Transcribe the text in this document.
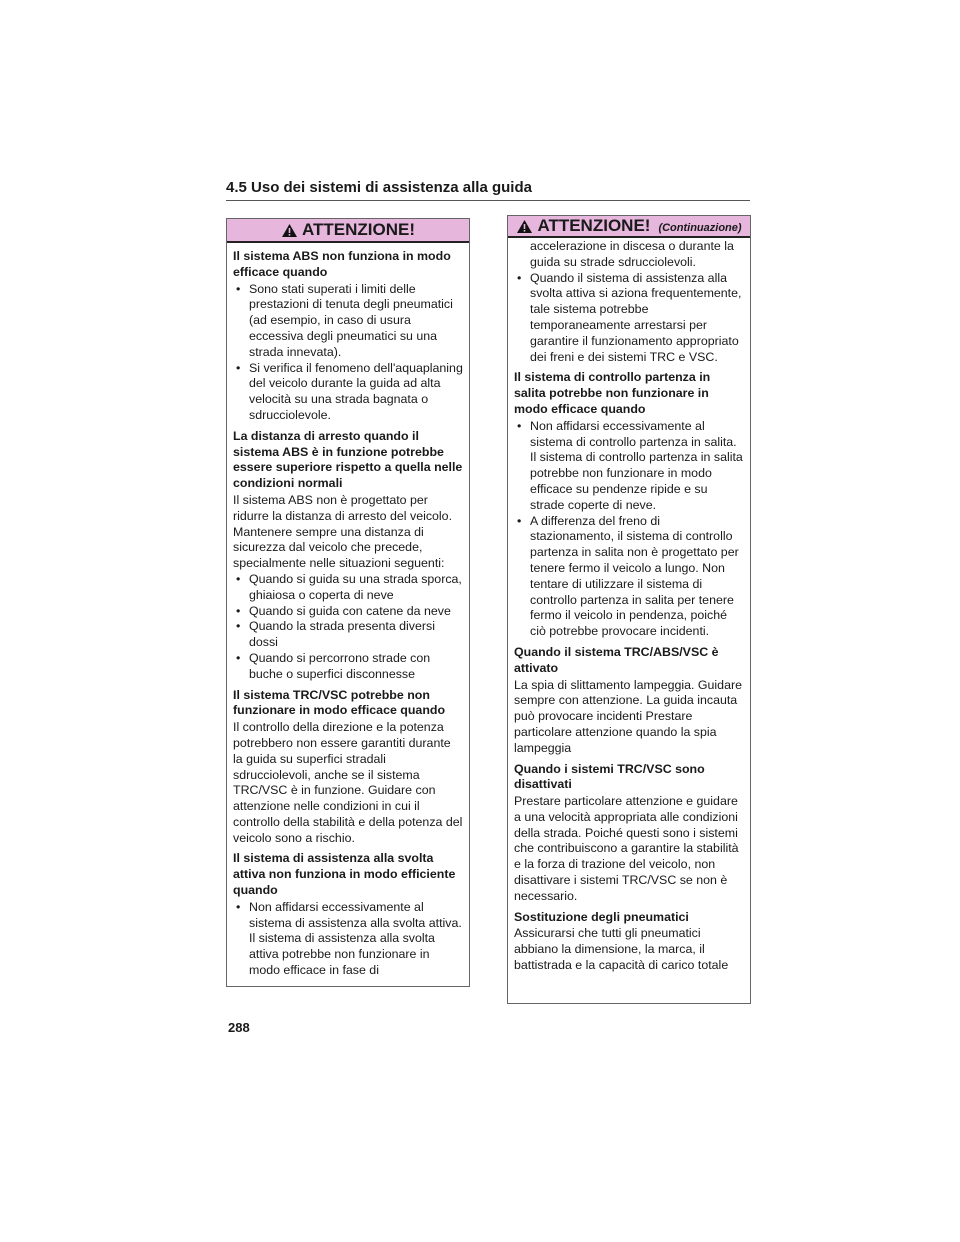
4.5 Uso dei sistemi di assistenza alla guida
ATTENZIONE!

Il sistema ABS non funziona in modo efficace quando

• Sono stati superati i limiti delle prestazioni di tenuta degli pneumatici (ad esempio, in caso di usura eccessiva degli pneumatici su una strada innevata).
• Si verifica il fenomeno dell'aquaplaning del veicolo durante la guida ad alta velocità su una strada bagnata o sdrucciolevole.

La distanza di arresto quando il sistema ABS è in funzione potrebbe essere superiore rispetto a quella nelle condizioni normali

Il sistema ABS non è progettato per ridurre la distanza di arresto del veicolo. Mantenere sempre una distanza di sicurezza dal veicolo che precede, specialmente nelle situazioni seguenti:

• Quando si guida su una strada sporca, ghiaiosa o coperta di neve
• Quando si guida con catene da neve
• Quando la strada presenta diversi dossi
• Quando si percorrono strade con buche o superfici disconnesse

Il sistema TRC/VSC potrebbe non funzionare in modo efficace quando

Il controllo della direzione e la potenza potrebbero non essere garantiti durante la guida su superfici stradali sdrucciolevoli, anche se il sistema TRC/VSC è in funzione. Guidare con attenzione nelle condizioni in cui il controllo della stabilità e della potenza del veicolo sono a rischio.

Il sistema di assistenza alla svolta attiva non funziona in modo efficiente quando

• Non affidarsi eccessivamente al sistema di assistenza alla svolta attiva. Il sistema di assistenza alla svolta attiva potrebbe non funzionare in modo efficace in fase di
ATTENZIONE! (Continuazione)

accelerazione in discesa o durante la guida su strade sdrucciolevoli.

• Quando il sistema di assistenza alla svolta attiva si aziona frequentemente, tale sistema potrebbe temporaneamente arrestarsi per garantire il funzionamento appropriato dei freni e dei sistemi TRC e VSC.

Il sistema di controllo partenza in salita potrebbe non funzionare in modo efficace quando

• Non affidarsi eccessivamente al sistema di controllo partenza in salita. Il sistema di controllo partenza in salita potrebbe non funzionare in modo efficace su pendenze ripide e su strade coperte di neve.
• A differenza del freno di stazionamento, il sistema di controllo partenza in salita non è progettato per tenere fermo il veicolo a lungo. Non tentare di utilizzare il sistema di controllo partenza in salita per tenere fermo il veicolo in pendenza, poiché ciò potrebbe provocare incidenti.

Quando il sistema TRC/ABS/VSC è attivato

La spia di slittamento lampeggia. Guidare sempre con attenzione. La guida incauta può provocare incidenti Prestare particolare attenzione quando la spia lampeggia

Quando i sistemi TRC/VSC sono disattivati

Prestare particolare attenzione e guidare a una velocità appropriata alle condizioni della strada. Poiché questi sono i sistemi che contribuiscono a garantire la stabilità e la forza di trazione del veicolo, non disattivare i sistemi TRC/VSC se non è necessario.

Sostituzione degli pneumatici

Assicurarsi che tutti gli pneumatici abbiano la dimensione, la marca, il battistrada e la capacità di carico totale

288
